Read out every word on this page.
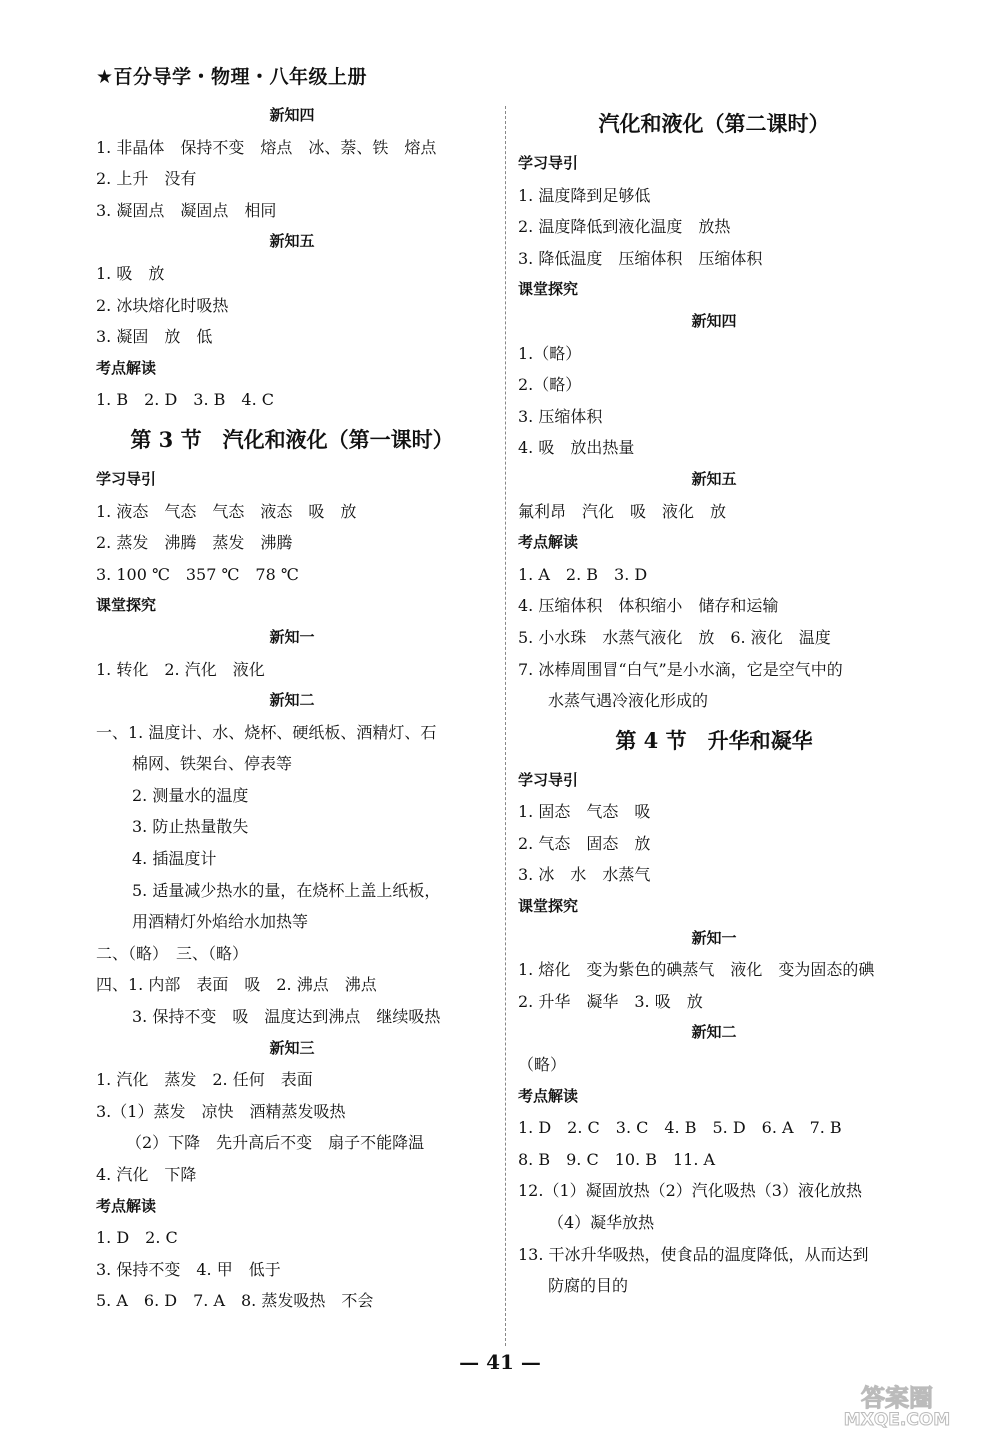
★百分导学・物理・八年级上册
新知四
1. 非晶体　保持不变　熔点　冰、萘、铁　熔点
2. 上升　没有
3. 凝固点　凝固点　相同
新知五
1. 吸　放
2. 冰块熔化时吸热
3. 凝固　放　低
考点解读
1. B　2. D　3. B　4. C
第 3 节　汽化和液化（第一课时）
学习导引
1. 液态　气态　气态　液态　吸　放
2. 蒸发　沸腾　蒸发　沸腾
3. 100 ℃　357 ℃　78 ℃
课堂探究
新知一
1. 转化　2. 汽化　液化
新知二
一、1. 温度计、水、烧杯、硬纸板、酒精灯、石
棉网、铁架台、停表等
2. 测量水的温度
3. 防止热量散失
4. 插温度计
5. 适量减少热水的量，在烧杯上盖上纸板，
用酒精灯外焰给水加热等
二、（略）　三、（略）
四、1. 内部　表面　吸　2. 沸点　沸点
3. 保持不变　吸　温度达到沸点　继续吸热
新知三
1. 汽化　蒸发　2. 任何　表面
3.（1）蒸发　凉快　酒精蒸发吸热
（2）下降　先升高后不变　扇子不能降温
4. 汽化　下降
考点解读
1. D　2. C
3. 保持不变　4. 甲　低于
5. A　6. D　7. A　8. 蒸发吸热　不会
汽化和液化（第二课时）
学习导引
1. 温度降到足够低
2. 温度降低到液化温度　放热
3. 降低温度　压缩体积　压缩体积
课堂探究
新知四
1.（略）
2.（略）
3. 压缩体积
4. 吸　放出热量
新知五
氟利昂　汽化　吸　液化　放
考点解读
1. A　2. B　3. D
4. 压缩体积　体积缩小　储存和运输
5. 小水珠　水蒸气液化　放　6. 液化　温度
7. 冰棒周围冒“白气”是小水滴，它是空气中的
水蒸气遇冷液化形成的
第 4 节　升华和凝华
学习导引
1. 固态　气态　吸
2. 气态　固态　放
3. 冰　水　水蒸气
课堂探究
新知一
1. 熔化　变为紫色的碘蒸气　液化　变为固态的碘
2. 升华　凝华　3. 吸　放
新知二
（略）
考点解读
1. D　2. C　3. C　4. B　5. D　6. A　7. B
8. B　9. C　10. B　11. A
12.（1）凝固放热（2）汽化吸热（3）液化放热
（4）凝华放热
13. 干冰升华吸热，使食品的温度降低，从而达到
防腐的目的
— 41 —
答案圈
MXQE.COM
